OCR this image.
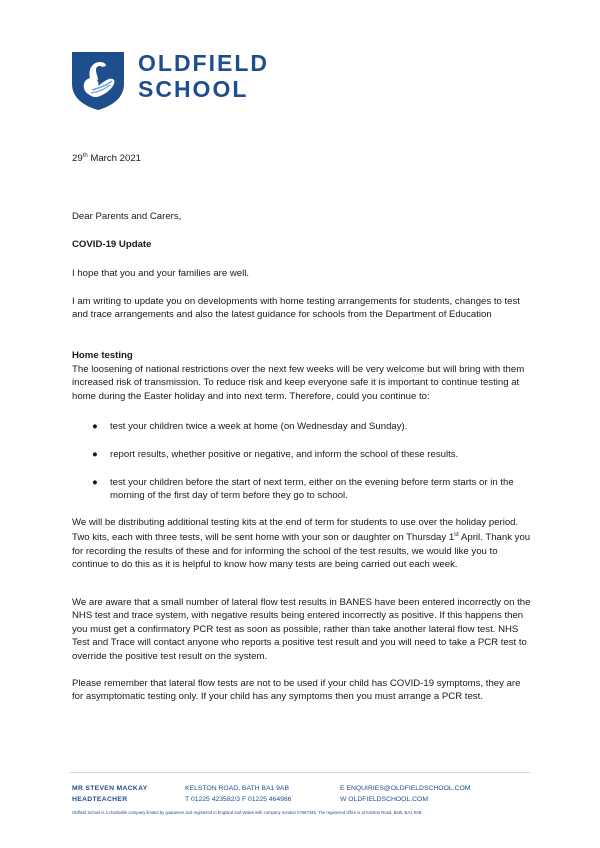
OLDFIELD
SCHOOL
29th March 2021
Dear Parents and Carers,
COVID-19 Update
I hope that you and your families are well.
I am writing to update you on developments with home testing arrangements for students, changes to test and trace arrangements and also the latest guidance for schools from the Department of Education
Home testing
The loosening of national restrictions over the next few weeks will be very welcome but will bring with them increased risk of transmission. To reduce risk and keep everyone safe it is important to continue testing at home during the Easter holiday and into next term. Therefore, could you continue to:
● test your children twice a week at home (on Wednesday and Sunday).
● report results, whether positive or negative, and inform the school of these results.
● test your children before the start of next term, either on the evening before term starts or in the morning of the first day of term before they go to school.
We will be distributing additional testing kits at the end of term for students to use over the holiday period. Two kits, each with three tests, will be sent home with your son or daughter on Thursday 1st April. Thank you for recording the results of these and for informing the school of the test results, we would like you to continue to do this as it is helpful to know how many tests are being carried out each week.
We are aware that a small number of lateral flow test results in BANES have been entered incorrectly on the NHS test and trace system, with negative results being entered incorrectly as positive. If this happens then you must get a confirmatory PCR test as soon as possible, rather than take another lateral flow test. NHS Test and Trace will contact anyone who reports a positive test result and you will need to take a PCR test to override the positive test result on the system.
Please remember that lateral flow tests are not to be used if your child has COVID-19 symptoms, they are for asymptomatic testing only. If your child has any symptoms then you must arrange a PCR test.
MR STEVEN MACKAY
HEADTEACHER
KELSTON ROAD, BATH BA1 9AB
T 01225 423582/3 F 01225 464986
E ENQUIRIES@OLDFIELDSCHOOL.COM
W OLDFIELDSCHOOL.COM
Oldfield School is a charitable company limited by guarantee and registered in England and Wales with company number 07567345. The registered office is at Kelston Road, Bath, BA1 9AB
